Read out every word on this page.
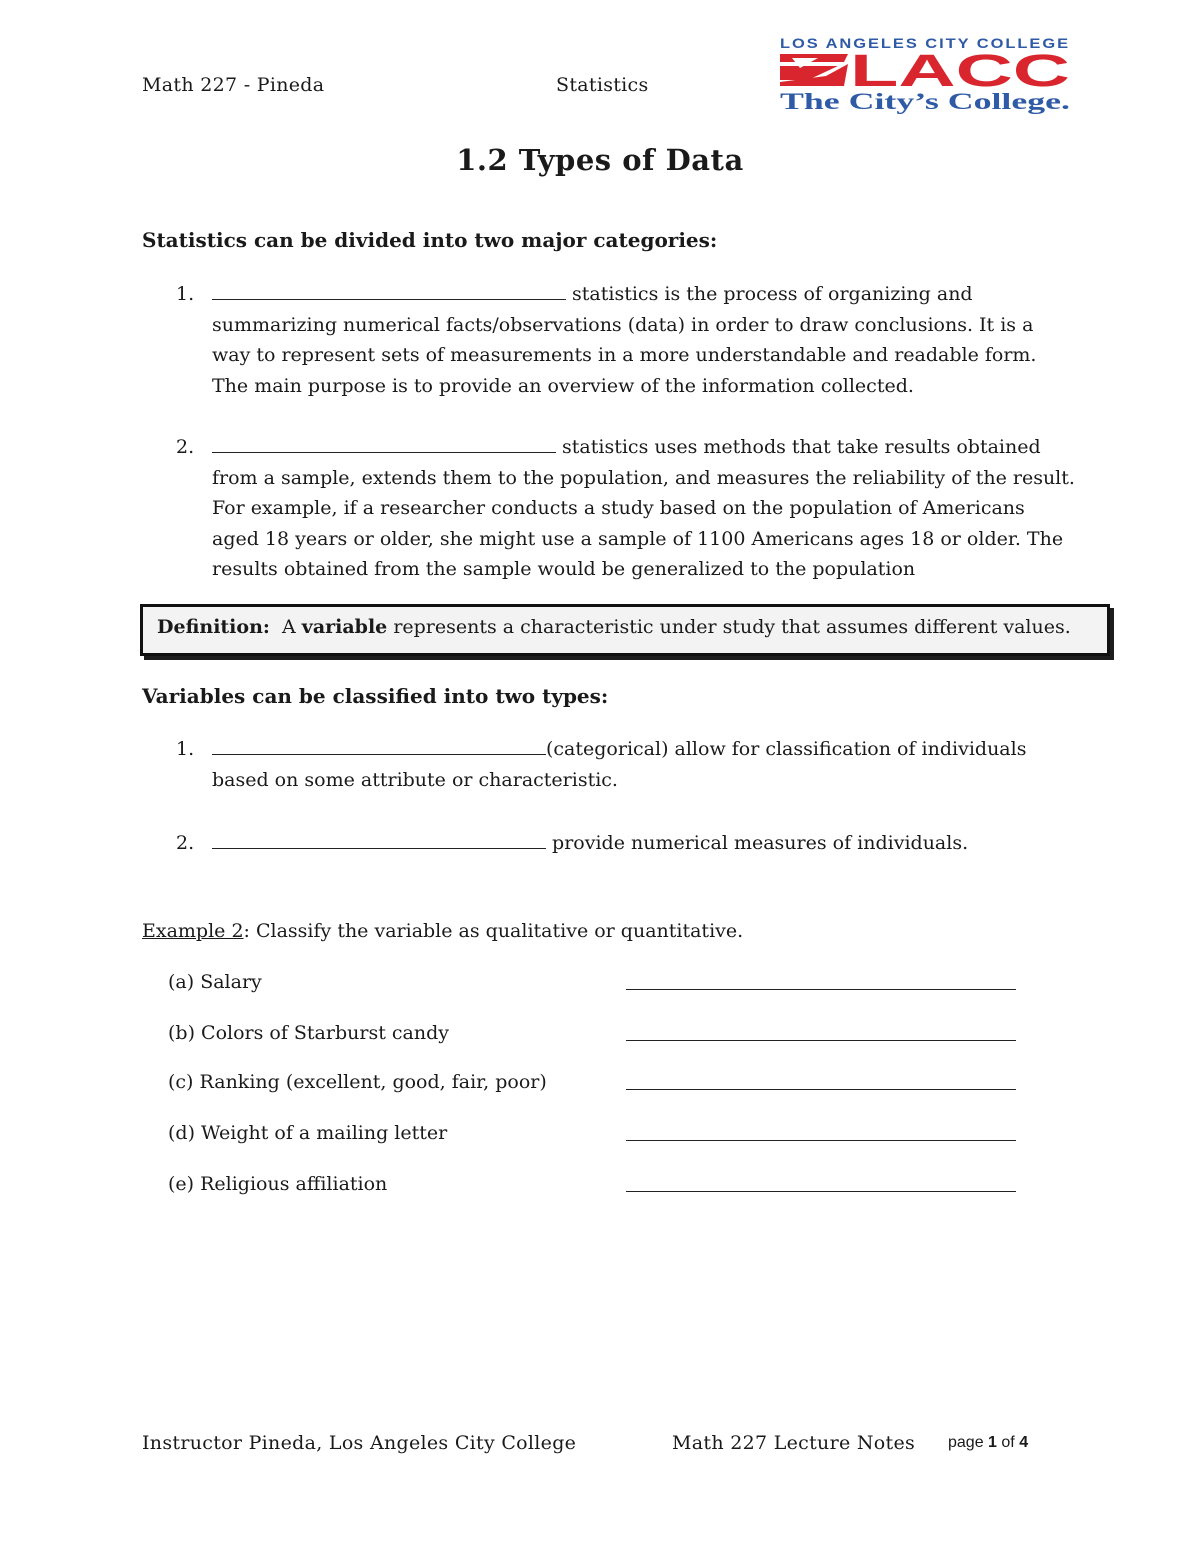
Math 227 - Pineda	Statistics
LOS ANGELES CITY COLLEGE
LACC
The City’s College.
1.2 Types of Data
Statistics can be divided into two major categories:
1.	statistics is the process of organizing and
summarizing numerical facts/observations (data) in order to draw conclusions. It is a
way to represent sets of measurements in a more understandable and readable form.
The main purpose is to provide an overview of the information collected.
2.	statistics uses methods that take results obtained
from a sample, extends them to the population, and measures the reliability of the result.
For example, if a researcher conducts a study based on the population of Americans
aged 18 years or older, she might use a sample of 1100 Americans ages 18 or older. The
results obtained from the sample would be generalized to the population
Definition: A variable represents a characteristic under study that assumes different values.
Variables can be classified into two types:
1.	(categorical) allow for classification of individuals
based on some attribute or characteristic.
2.	provide numerical measures of individuals.
Example 2: Classify the variable as qualitative or quantitative.
(a) Salary
(b) Colors of Starburst candy
(c) Ranking (excellent, good, fair, poor)
(d) Weight of a mailing letter
(e) Religious affiliation
Instructor Pineda, Los Angeles City College	Math 227 Lecture Notes page 1 of 4
